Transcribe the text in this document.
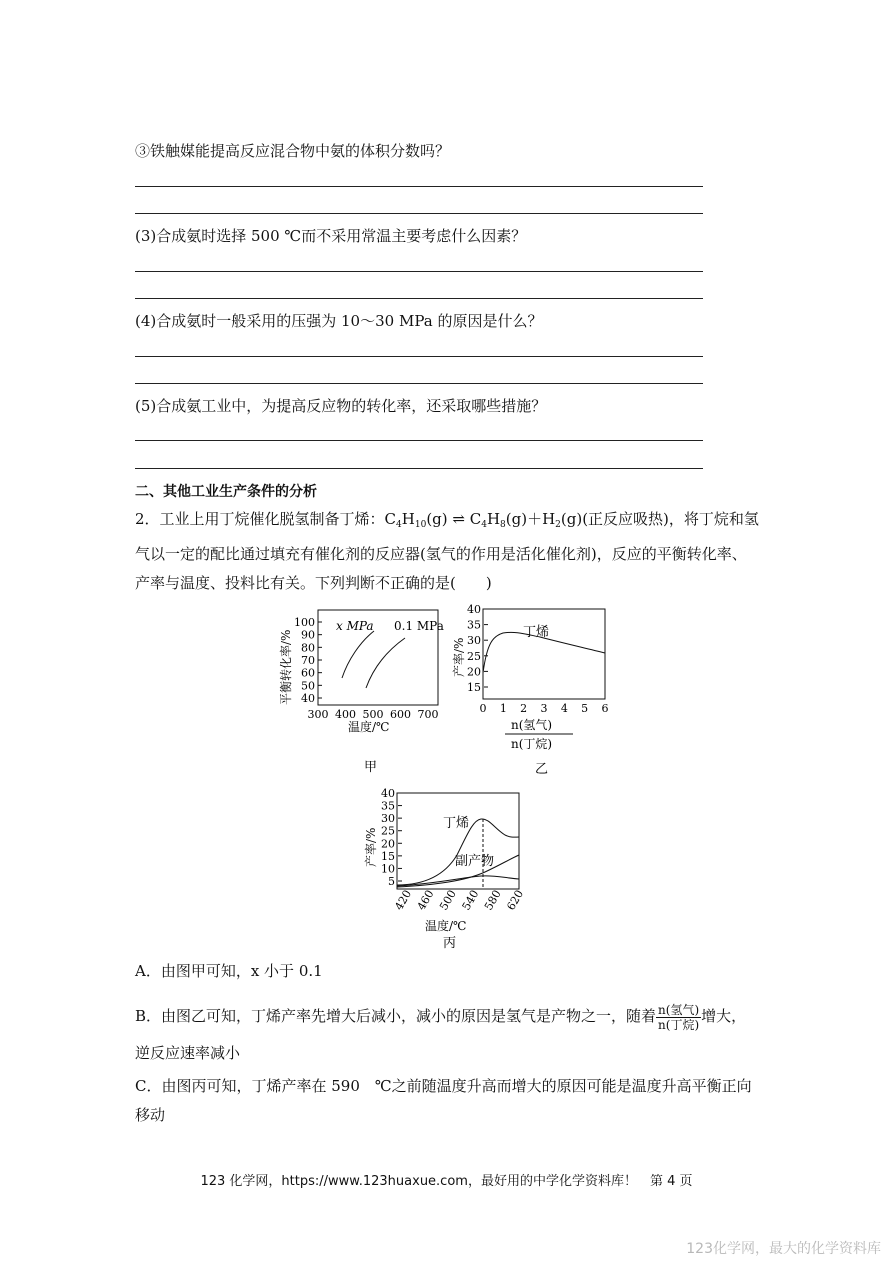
③铁触媒能提高反应混合物中氨的体积分数吗？
(3)合成氨时选择 500 ℃而不采用常温主要考虑什么因素？
(4)合成氨时一般采用的压强为 10～30 MPa 的原因是什么？
(5)合成氨工业中，为提高反应物的转化率，还采取哪些措施？
二、其他工业生产条件的分析
2．工业上用丁烷催化脱氢制备丁烯：$C_4H_{10}(g)$ ⇌ $C_4H_8(g)+H_2(g)$(正反应吸热)，将丁烷和氢气以一定的配比通过填充有催化剂的反应器(氢气的作用是活化催化剂)，反应的平衡转化率、产率与温度、投料比有关。下列判断不正确的是(　　)
100
90
80
70
60
50
40
300 400 500 600 700
x MPa 0.1 MPa
平衡转化率/%
温度/℃
甲
40
35
30
25
20
15
0 1 2 3 4 5 6
丁烯
产率/%
n(氢气)
n(丁烷)
乙
40
35
30
25
20
15
10
5
420 460 500 540 580 620
丁烯
副产物
产率/%
温度/℃
丙
A．由图甲可知，x 小于 0.1
B．由图乙可知，丁烯产率先增大后减小，减小的原因是氢气是产物之一，随着 $\frac{\text{n(氢气)}}{\text{n(丁烷)}}$ 增大，
逆反应速率减小
C．由图丙可知，丁烯产率在 590　℃之前随温度升高而增大的原因可能是温度升高平衡正向移动
123 化学网，https://www.123huaxue.com，最好用的中学化学资料库！　第 4 页
123化学网，最大的化学资料库
